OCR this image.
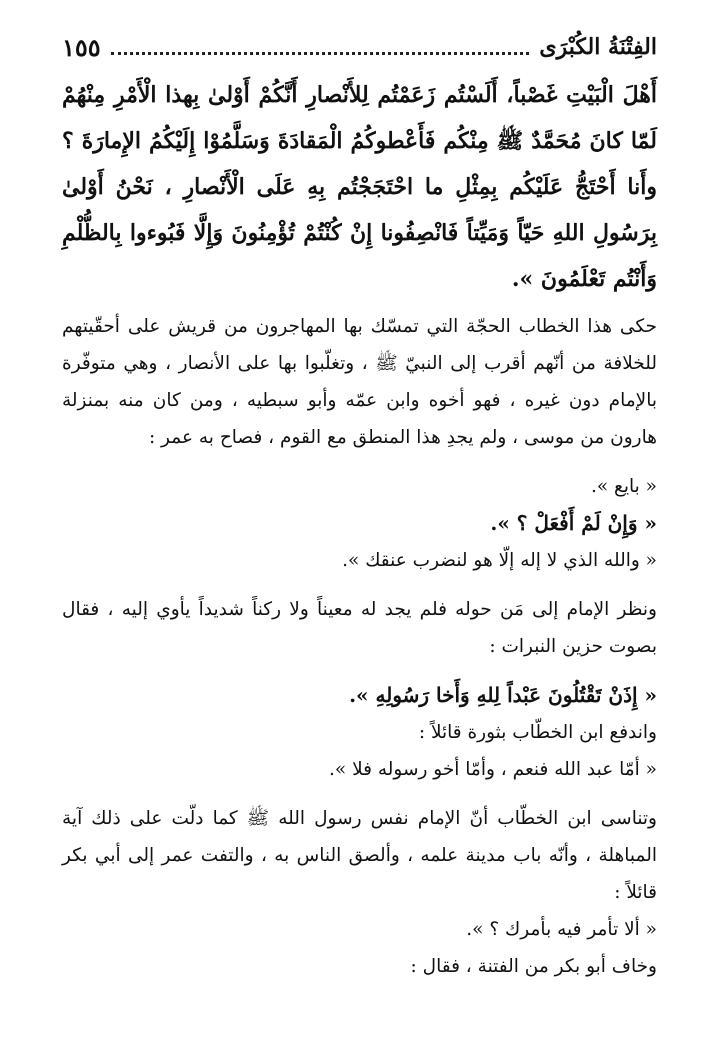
الفِتْنَةُ الكُبْرَى
١٥٥

أَهْلَ الْبَيْتِ غَصْباً، أَلَسْتُم زَعَمْتُم لِلأَنْصارِ أَنَّكُمْ أَوْلىٰ بِهذا الْأَمْرِ مِنْهُمْ لَمّا كانَ مُحَمَّدٌ ﷺ مِنْكُم فَأَعْطوكُمُ الْمَقادَةَ وَسَلَّمُوْا إِلَيْكُمُ الإِمارَةَ ؟ وأَنا أَحْتَجُّ عَلَيْكُم بِمِثْلِ ما احْتَجَجْتُم بِهِ عَلَى الْأَنْصارِ ، نَحْنُ أَوْلىٰ بِرَسُولِ اللهِ حَيّاً وَمَيِّتاً فَانْصِفُونا إِنْ كُنْتُمْ تُؤْمِنُونَ وَإِلَّا فَبُوءوا بِالظُّلْمِ وَأَنْتُم تَعْلَمُونَ ».

حكى هذا الخطاب الحجّة التي تمسّك بها المهاجرون من قريش على أحقّيتهم للخلافة من أنّهم أقرب إلى النبيّ ﷺ ، وتغلّبوا بها على الأنصار ، وهي متوفّرة بالإمام دون غيره ، فهو أخوه وابن عمّه وأبو سبطيه ، ومن كان منه بمنزلة هارون من موسى ، ولم يجدِ هذا المنطق مع القوم ، فصاح به عمر :

« بايع ».

« وَإِنْ لَمْ أَفْعَلْ ؟ ».

« والله الذي لا إله إلّا هو لنضرب عنقك ».

ونظر الإمام إلى مَن حوله فلم يجد له معيناً ولا ركناً شديداً يأوي إليه ، فقال بصوت حزين النبرات :

« إِذَنْ تَقْتُلُونَ عَبْداً لِلهِ وَأَخا رَسُولِهِ ».

واندفع ابن الخطّاب بثورة قائلاً :

« أمّا عبد الله فنعم ، وأمّا أخو رسوله فلا ».

وتناسى ابن الخطّاب أنّ الإمام نفس رسول الله ﷺ كما دلّت على ذلك آية المباهلة ، وأنّه باب مدينة علمه ، وألصق الناس به ، والتفت عمر إلى أبي بكر قائلاً :

« ألا تأمر فيه بأمرك ؟ ».

وخاف أبو بكر من الفتنة ، فقال :
